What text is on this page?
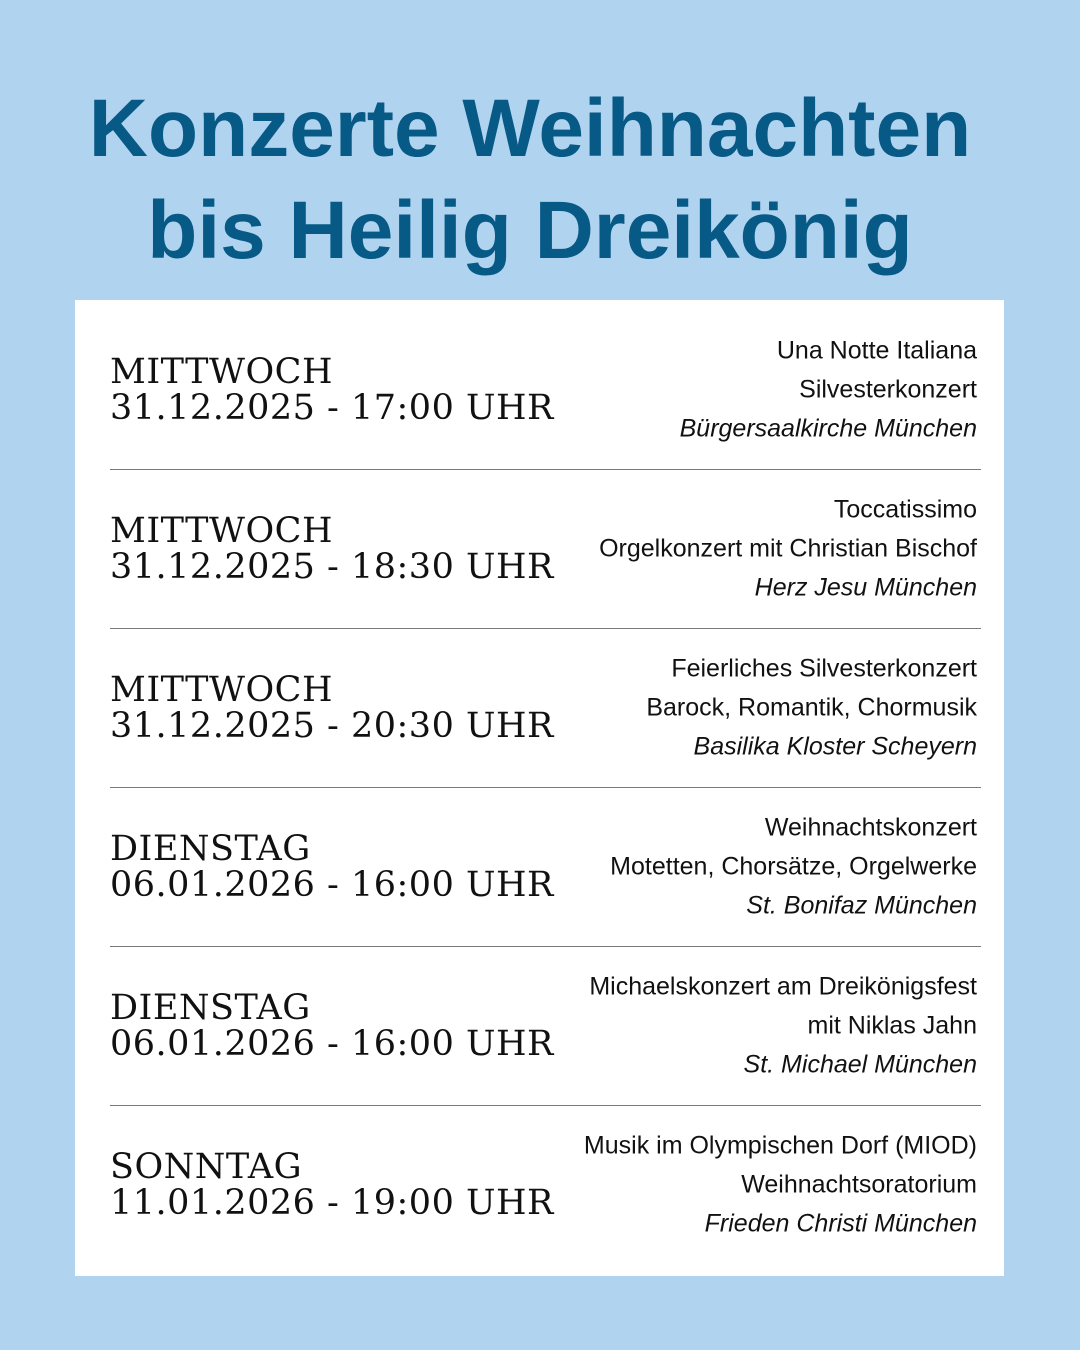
Konzerte Weihnachten
bis Heilig Dreikönig
MITTWOCH
31.12.2025 - 17:00 UHR
Una Notte Italiana
Silvesterkonzert
Bürgersaalkirche München
MITTWOCH
31.12.2025 - 18:30 UHR
Toccatissimo
Orgelkonzert mit Christian Bischof
Herz Jesu München
MITTWOCH
31.12.2025 - 20:30 UHR
Feierliches Silvesterkonzert
Barock, Romantik, Chormusik
Basilika Kloster Scheyern
DIENSTAG
06.01.2026 - 16:00 UHR
Weihnachtskonzert
Motetten, Chorsätze, Orgelwerke
St. Bonifaz München
DIENSTAG
06.01.2026 - 16:00 UHR
Michaelskonzert am Dreikönigsfest
mit Niklas Jahn
St. Michael München
SONNTAG
11.01.2026 - 19:00 UHR
Musik im Olympischen Dorf (MIOD)
Weihnachtsoratorium
Frieden Christi München
